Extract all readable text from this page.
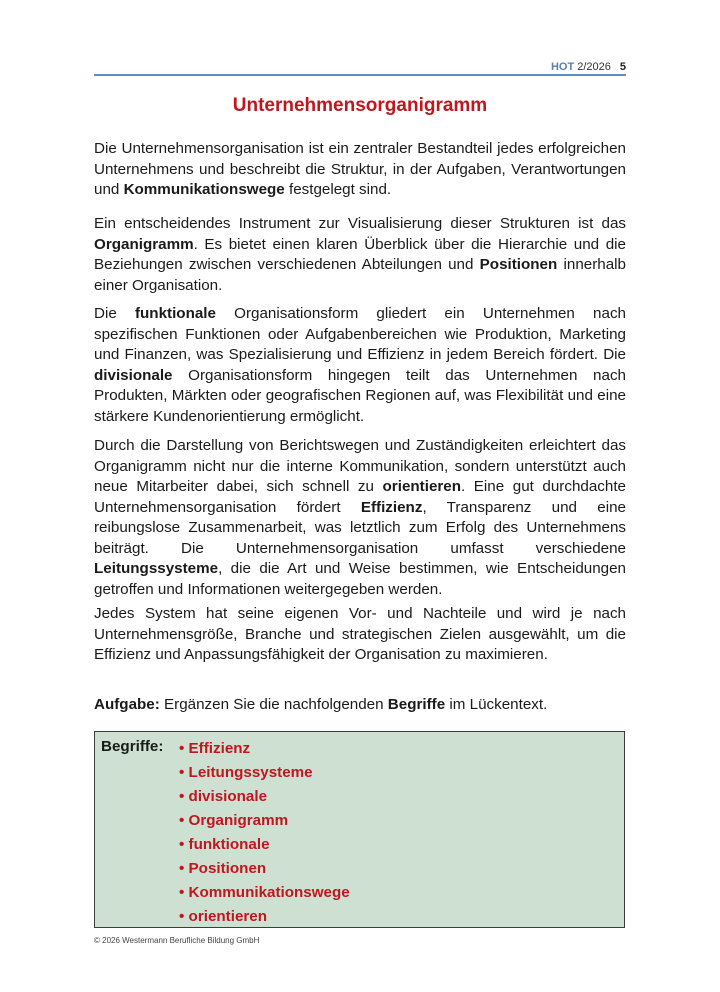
HOT 2/2026 5
Unternehmensorganigramm

Die Unternehmensorganisation ist ein zentraler Bestandteil jedes erfolgreichen Unternehmens und beschreibt die Struktur, in der Aufgaben, Verantwortungen und Kommunikationswege festgelegt sind.

Ein entscheidendes Instrument zur Visualisierung dieser Strukturen ist das Organigramm. Es bietet einen klaren Überblick über die Hierarchie und die Beziehungen zwischen verschiedenen Abteilungen und Positionen innerhalb einer Organisation.

Die funktionale Organisationsform gliedert ein Unternehmen nach spezifischen Funktionen oder Aufgabenbereichen wie Produktion, Marketing und Finanzen, was Spezialisierung und Effizienz in jedem Bereich fördert. Die divisionale Organisationsform hingegen teilt das Unternehmen nach Produkten, Märkten oder geografischen Regionen auf, was Flexibilität und eine stärkere Kundenorientierung ermöglicht.

Durch die Darstellung von Berichtswegen und Zuständigkeiten erleichtert das Organigramm nicht nur die interne Kommunikation, sondern unterstützt auch neue Mitarbeiter dabei, sich schnell zu orientieren. Eine gut durchdachte Unternehmensorganisation fördert Effizienz, Transparenz und eine reibungslose Zusammenarbeit, was letztlich zum Erfolg des Unternehmens beiträgt. Die Unternehmensorganisation umfasst verschiedene Leitungssysteme, die die Art und Weise bestimmen, wie Entscheidungen getroffen und Informationen weitergegeben werden.

Jedes System hat seine eigenen Vor- und Nachteile und wird je nach Unternehmensgröße, Branche und strategischen Zielen ausgewählt, um die Effizienz und Anpassungsfähigkeit der Organisation zu maximieren.

Aufgabe: Ergänzen Sie die nachfolgenden Begriffe im Lückentext.
Begriffe: • Effizienz
• Leitungssysteme
• divisionale
• Organigramm
• funktionale
• Positionen
• Kommunikationswege
• orientieren
© 2026 Westermann Berufliche Bildung GmbH
